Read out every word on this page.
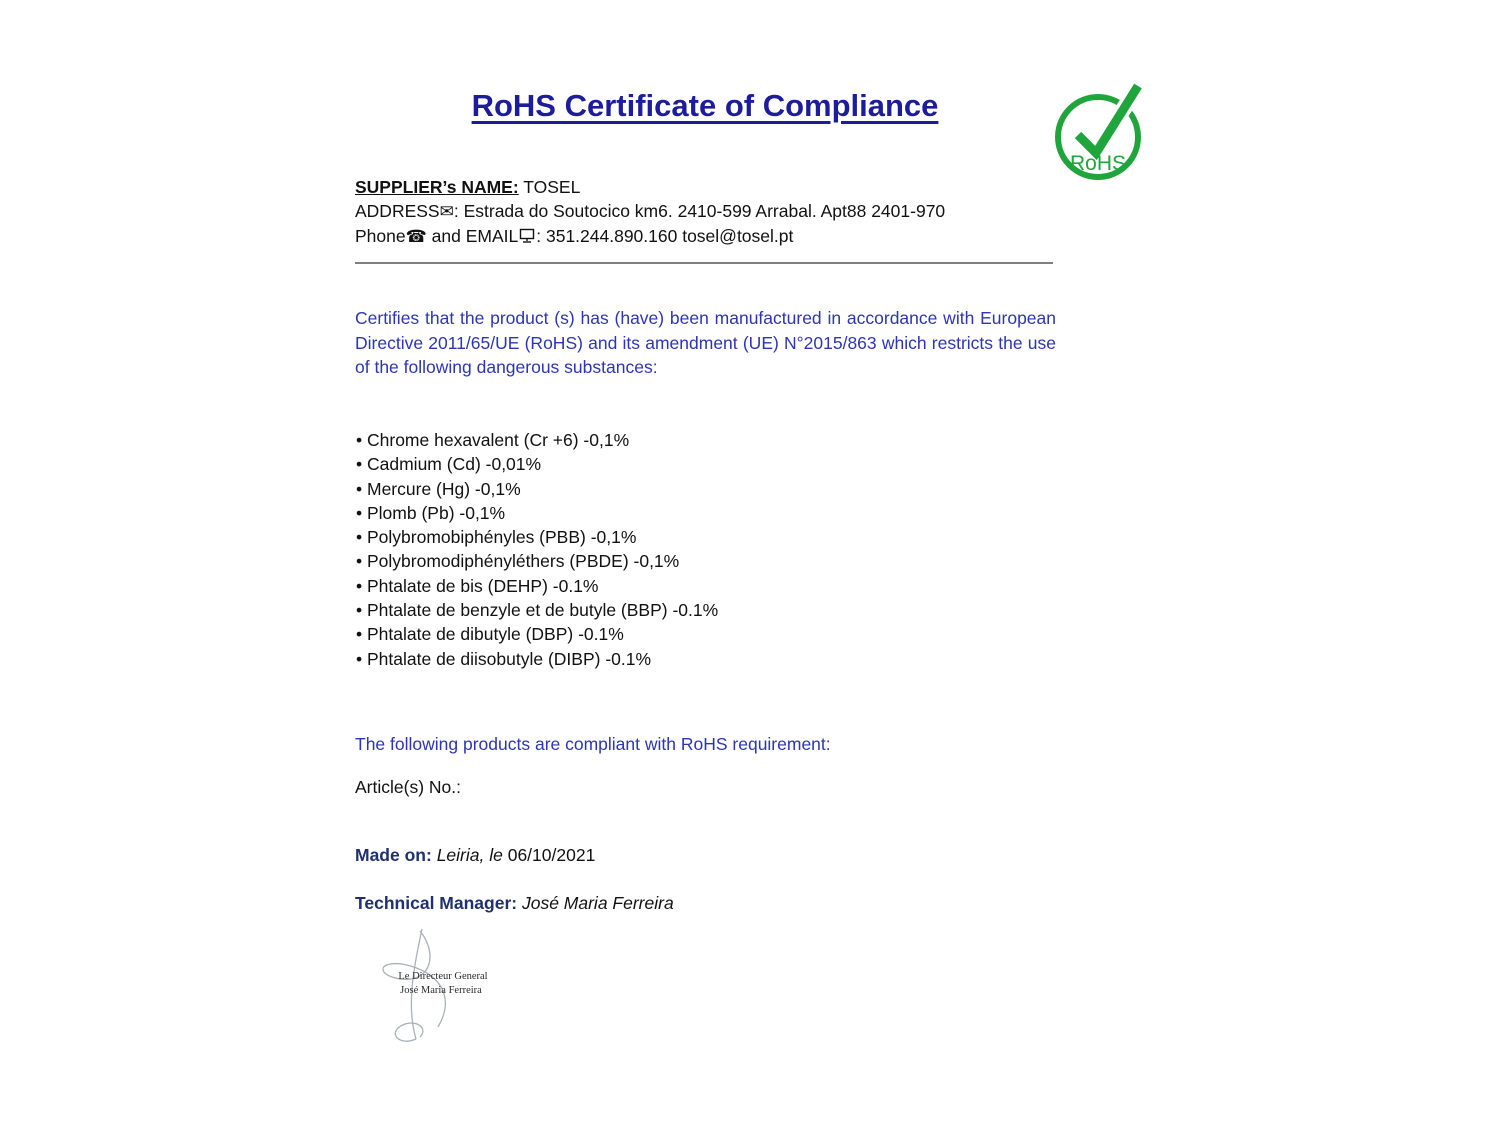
RoHS Certificate of Compliance
RoHS
SUPPLIER’s NAME: TOSEL
ADDRESS✉: Estrada do Soutocico km6. 2410-599 Arrabal. Apt88 2401-970
Phone☎ and EMAIL : 351.244.890.160 tosel@tosel.pt
Certifies that the product (s) has (have) been manufactured in accordance with European Directive 2011/65/UE (RoHS) and its amendment (UE) N°2015/863 which restricts the use of the following dangerous substances:
• Chrome hexavalent (Cr +6) -0,1%
• Cadmium (Cd) -0,01%
• Mercure (Hg) -0,1%
• Plomb (Pb) -0,1%
• Polybromobiphényles (PBB) -0,1%
• Polybromodiphényléthers (PBDE) -0,1%
• Phtalate de bis (DEHP) -0.1%
• Phtalate de benzyle et de butyle (BBP) -0.1%
• Phtalate de dibutyle (DBP) -0.1%
• Phtalate de diisobutyle (DIBP) -0.1%
The following products are compliant with RoHS requirement:
Article(s) No.:
Made on: Leiria, le 06/10/2021
Technical Manager: José Maria Ferreira
Le Directeur General
José Maria Ferreira
